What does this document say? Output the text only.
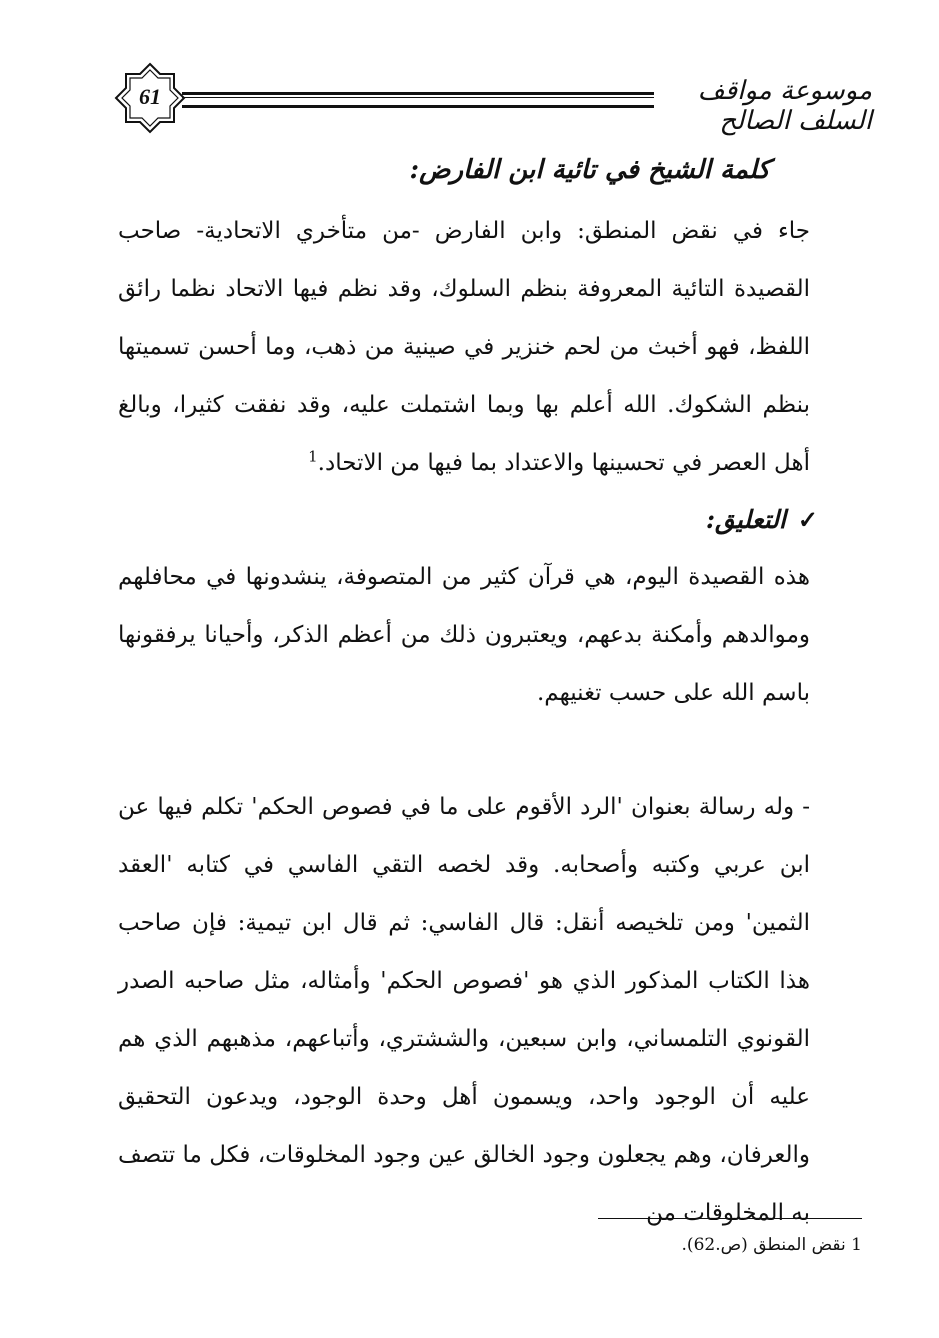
61	موسوعة مواقف السلف الصالح
كلمة الشيخ في تائية ابن الفارض:

جاء في نقض المنطق: وابن الفارض -من متأخري الاتحادية- صاحب القصيدة التائية المعروفة بنظم السلوك، وقد نظم فيها الاتحاد نظما رائق اللفظ، فهو أخبث من لحم خنزير في صينية من ذهب، وما أحسن تسميتها بنظم الشكوك. الله أعلم بها وبما اشتملت عليه، وقد نفقت كثيرا، وبالغ أهل العصر في تحسينها والاعتداد بما فيها من الاتحاد.$^1$

✓التعليق:

هذه القصيدة اليوم، هي قرآن كثير من المتصوفة، ينشدونها في محافلهم وموالدهم وأمكنة بدعهم، ويعتبرون ذلك من أعظم الذكر، وأحيانا يرفقونها باسم الله على حسب تغنيهم.

- وله رسالة بعنوان 'الرد الأقوم على ما في فصوص الحكم' تكلم فيها عن ابن عربي وكتبه وأصحابه. وقد لخصه التقي الفاسي في كتابه 'العقد الثمين' ومن تلخيصه أنقل: قال الفاسي: ثم قال ابن تيمية: فإن صاحب هذا الكتاب المذكور الذي هو 'فصوص الحكم' وأمثاله، مثل صاحبه الصدر القونوي التلمساني، وابن سبعين، والششتري، وأتباعهم، مذهبهم الذي هم عليه أن الوجود واحد، ويسمون أهل وحدة الوجود، ويدعون التحقيق والعرفان، وهم يجعلون وجود الخالق عين وجود المخلوقات، فكل ما تتصف به المخلوقات من

1 نقض المنطق (ص.62).
